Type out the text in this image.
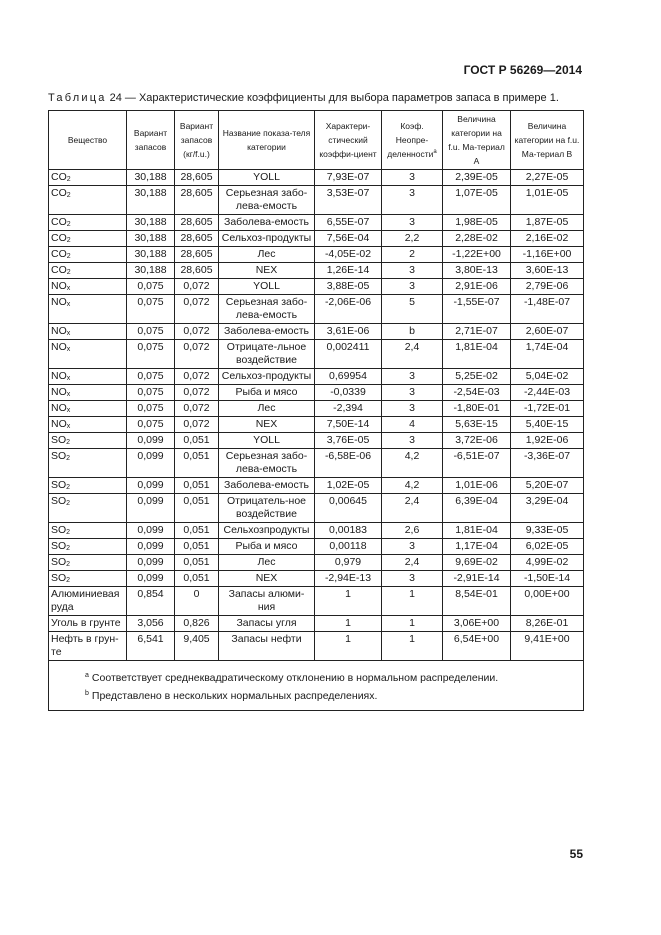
ГОСТ Р 56269—2014
Таблица 24 — Характеристические коэффициенты для выбора параметров запаса в примере 1.
Вещество	Вариант запасов	Вариант запасов (кг/f.u.)	Название показа-теля категории	Характери-стический коэффи-циент	Коэф. Неопре-деленности$^a$	Величина категории на f.u. Ма-териал А	Величина категории на f.u. Ма-териал B
$CO_2$	30,188	28,605	YOLL	7,93E-07	3	2,39E-05	2,27E-05
$CO_2$	30,188	28,605	Серьезная забо-лева-емость	3,53E-07	3	1,07E-05	1,01E-05
$CO_2$	30,188	28,605	Заболева-емость	6,55E-07	3	1,98E-05	1,87E-05
$CO_2$	30,188	28,605	Сельхоз-продукты	7,56E-04	2,2	2,28E-02	2,16E-02
$CO_2$	30,188	28,605	Лес	-4,05E-02	2	-1,22E+00	-1,16E+00
$CO_2$	30,188	28,605	NEX	1,26E-14	3	3,80E-13	3,60E-13
$NO_x$	0,075	0,072	YOLL	3,88E-05	3	2,91E-06	2,79E-06
$NO_x$	0,075	0,072	Серьезная забо-лева-емость	-2,06E-06	5	-1,55E-07	-1,48E-07
$NO_x$	0,075	0,072	Заболева-емость	3,61E-06	b	2,71E-07	2,60E-07
$NO_x$	0,075	0,072	Отрицате-льное воздействие	0,002411	2,4	1,81E-04	1,74E-04
$NO_x$	0,075	0,072	Сельхоз-продукты	0,69954	3	5,25E-02	5,04E-02
$NO_x$	0,075	0,072	Рыба и мясо	-0,0339	3	-2,54E-03	-2,44E-03
$NO_x$	0,075	0,072	Лес	-2,394	3	-1,80E-01	-1,72E-01
$NO_x$	0,075	0,072	NEX	7,50E-14	4	5,63E-15	5,40E-15
$SO_2$	0,099	0,051	YOLL	3,76E-05	3	3,72E-06	1,92E-06
$SO_2$	0,099	0,051	Серьезная забо-лева-емость	-6,58E-06	4,2	-6,51E-07	-3,36E-07
$SO_2$	0,099	0,051	Заболева-емость	1,02E-05	4,2	1,01E-06	5,20E-07
$SO_2$	0,099	0,051	Отрицатель-ное воздействие	0,00645	2,4	6,39E-04	3,29E-04
$SO_2$	0,099	0,051	Сельхозпродукты	0,00183	2,6	1,81E-04	9,33E-05
$SO_2$	0,099	0,051	Рыба и мясо	0,00118	3	1,17E-04	6,02E-05
$SO_2$	0,099	0,051	Лес	0,979	2,4	9,69E-02	4,99E-02
$SO_2$	0,099	0,051	NEX	-2,94E-13	3	-2,91E-14	-1,50E-14
Алюминиевая руда	0,854	0	Запасы алюми-ния	1	1	8,54E-01	0,00E+00
Уголь в грунте	3,056	0,826	Запасы угля	1	1	3,06E+00	8,26E-01
Нефть в грун-те	6,541	9,405	Запасы нефти	1	1	6,54E+00	9,41E+00

$^a$ Соответствует среднеквадратическому отклонению в нормальном распределении.
$^b$ Представлено в нескольких нормальных распределениях.							
55
